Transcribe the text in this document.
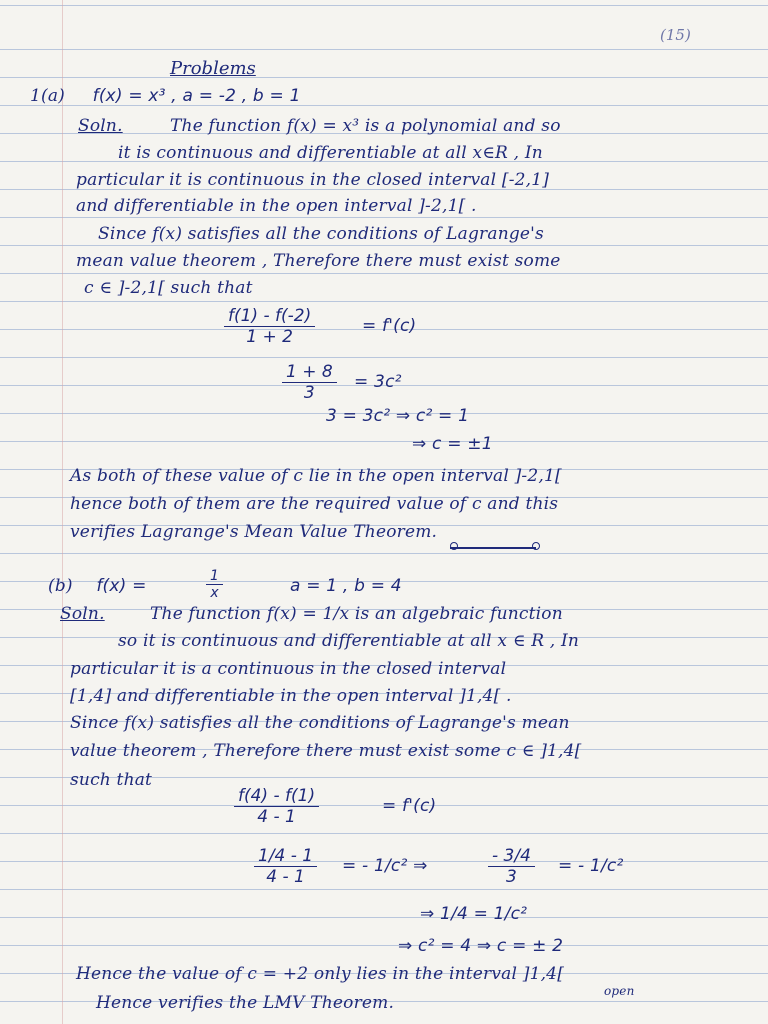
(15)
Problems
1(a) f(x) = x³ , a = -2 , b = 1
Soln.	The function f(x) = x³ is a polynomial and so
it is continuous and differentiable at all x∈R , In
particular it is continuous in the closed interval [-2,1]
and differentiable in the open interval ]-2,1[ .
Since f(x) satisfies all the conditions of Lagrange's
mean value theorem , Therefore there must exist some
c ∈ ]-2,1[ such that
$\frac{f(1) - f(-2)}{1 + 2}$	= f'(c)
$\frac{1 + 8}{3} = 3c^2$
3 = 3c² ⇒ c² = 1
⇒ c = ±1
As both of these value of c lie in the open interval ]-2,1[
hence both of them are the required value of c and this
verifies Lagrange's Mean Value Theorem.
(b) f(x) =	$\frac{1}{x}$	a = 1 , b = 4
Soln.	The function f(x) = 1/x is an algebraic function
so it is continuous and differentiable at all x ∈ R , In
particular it is a continuous in the closed interval
[1,4] and differentiable in the open interval ]1,4[ .
Since f(x) satisfies all the conditions of Lagrange's mean
value theorem , Therefore there must exist some c ∈ ]1,4[
such that
$\frac{f(4) - f(1)}{4 - 1}$	= f'(c)
$\frac{1/4 - 1}{4 - 1}$ = - 1/c² ⇒	$\frac{- 3/4}{3}$ = - 1/c²
⇒ 1/4 = 1/c²
⇒ c² = 4 ⇒ c = ± 2
Hence the value of c = +2 only lies in the interval ]1,4[
open
Hence verifies the LMV Theorem.
